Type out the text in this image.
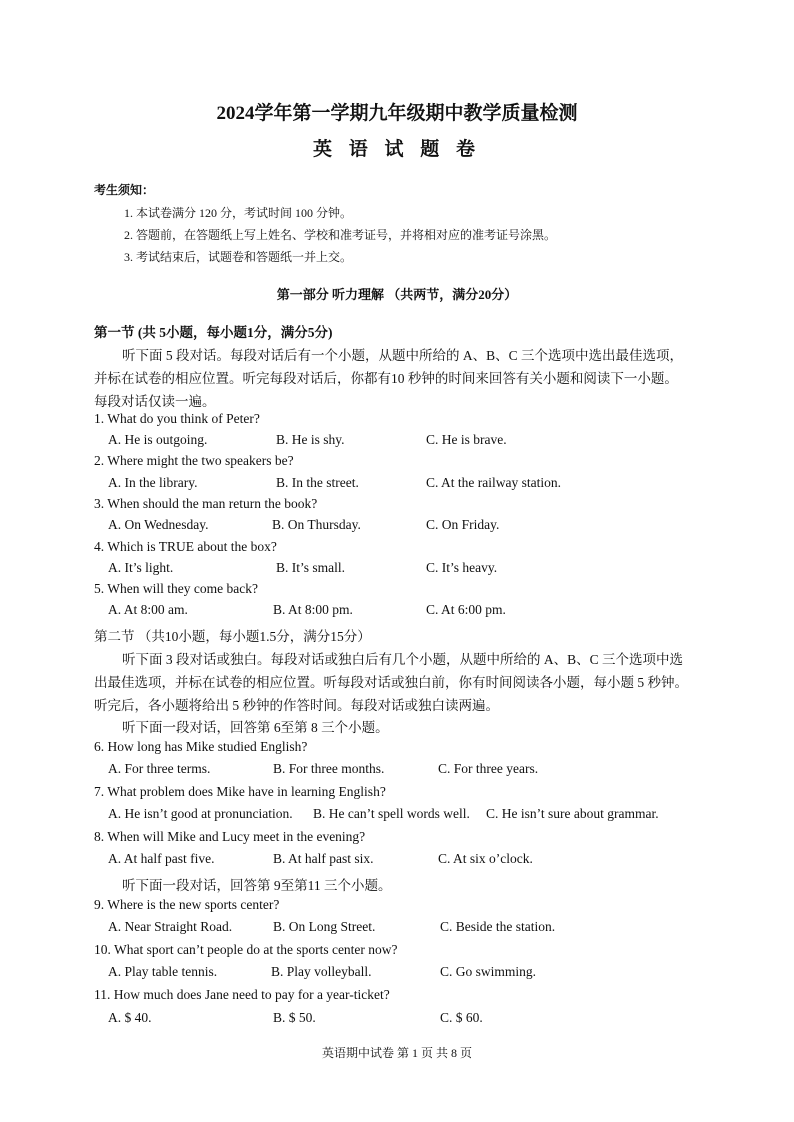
2024学年第一学期九年级期中教学质量检测
英 语 试 题 卷
考生须知：
1. 本试卷满分 120 分，考试时间 100 分钟。
2. 答题前，在答题纸上写上姓名、学校和准考证号，并将相对应的准考证号涂黑。
3. 考试结束后，试题卷和答题纸一并上交。
第一部分 听力理解 （共两节，满分20分）
第一节 (共 5小题，每小题1分，满分5分)
听下面 5 段对话。每段对话后有一个小题，从题中所给的 A、B、C 三个选项中选出最佳选项，
并标在试卷的相应位置。听完每段对话后，你都有10 秒钟的时间来回答有关小题和阅读下一小题。
每段对话仅读一遍。
1. What do you think of Peter?
A. He is outgoing.	B. He is shy.	C. He is brave.
2. Where might the two speakers be?
A. In the library.	B. In the street.	C. At the railway station.
3. When should the man return the book?
A. On Wednesday.	B. On Thursday.	C. On Friday.
4. Which is TRUE about the box?
A. It’s light.	B. It’s small.	C. It’s heavy.
5. When will they come back?
A. At 8:00 am.	B. At 8:00 pm.	C. At 6:00 pm.
第二节 （共10小题，每小题1.5分，满分15分）
听下面 3 段对话或独白。每段对话或独白后有几个小题，从题中所给的 A、B、C 三个选项中选
出最佳选项，并标在试卷的相应位置。听每段对话或独白前，你有时间阅读各小题，每小题 5 秒钟。
听完后，各小题将给出 5 秒钟的作答时间。每段对话或独白读两遍。
听下面一段对话，回答第 6至第 8 三个小题。
6. How long has Mike studied English?
A. For three terms.	B. For three months.	C. For three years.
7. What problem does Mike have in learning English?
A. He isn’t good at pronunciation. B. He can’t spell words well. C. He isn’t sure about grammar.
8. When will Mike and Lucy meet in the evening?
A. At half past five.	B. At half past six.	C. At six o’clock.
听下面一段对话，回答第 9至第11 三个小题。
9. Where is the new sports center?
A. Near Straight Road.	B. On Long Street.	C. Beside the station.
10. What sport can’t people do at the sports center now?
A. Play table tennis.	B. Play volleyball.	C. Go swimming.
11. How much does Jane need to pay for a year-ticket?
A. $ 40.	B. $ 50.	C. $ 60.
英语期中试卷 第 1 页 共 8 页
